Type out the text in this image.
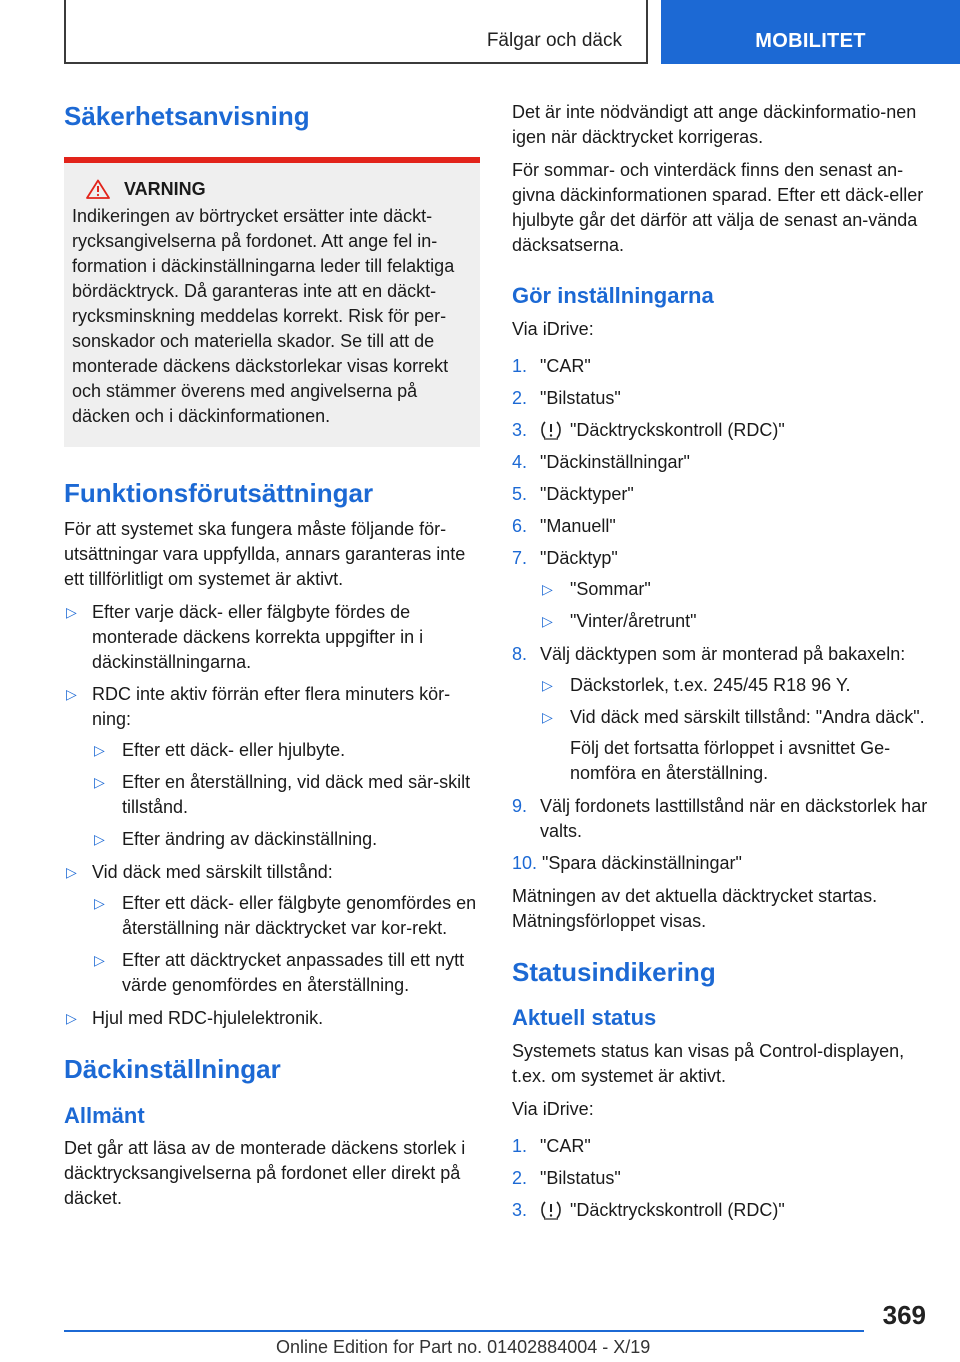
Fälgar och däck	MOBILITET
Säkerhetsanvisning
VARNING

Indikeringen av börtrycket ersätter inte däckt-rycksangivelserna på fordonet. Att ange fel in-formation i däckinställningarna leder till felaktiga bördäcktryck. Då garanteras inte att en däckt-rycksminskning meddelas korrekt. Risk för per-sonskador och materiella skador. Se till att de monterade däckens däckstorlekar visas korrekt och stämmer överens med angivelserna på däcken och i däckinformationen.

Funktionsförutsättningar

För att systemet ska fungera måste följande för-utsättningar vara uppfyllda, annars garanteras inte ett tillförlitligt om systemet är aktivt.

▷ Efter varje däck- eller fälgbyte fördes de monterade däckens korrekta uppgifter in i däckinställningarna.
▷ RDC inte aktiv förrän efter flera minuters kör-ning:
▷ Efter ett däck- eller hjulbyte.
▷ Efter en återställning, vid däck med sär-skilt tillstånd.
▷ Efter ändring av däckinställning.
▷ Vid däck med särskilt tillstånd:
▷ Efter ett däck- eller fälgbyte genomfördes en återställning när däcktrycket var kor-rekt.
▷ Efter att däcktrycket anpassades till ett nytt värde genomfördes en återställning.
▷ Hjul med RDC-hjulelektronik.
Däckinställningar
Allmänt

Det går att läsa av de monterade däckens storlek i däcktrycksangivelserna på fordonet eller direkt på däcket.

Det är inte nödvändigt att ange däckinformatio-nen igen när däcktrycket korrigeras.

För sommar- och vinterdäck finns den senast an-givna däckinformationen sparad. Efter ett däck-eller hjulbyte går det därför att välja de senast an-vända däcksatserna.

Gör inställningarna

Via iDrive:

1. "CAR"
2. "Bilstatus"
3. "Däcktryckskontroll (RDC)"
4. "Däckinställningar"
5. "Däcktyper"
6. "Manuell"
7. "Däcktyp"
▷ "Sommar"
▷ "Vinter/åretrunt"
8. Välj däcktypen som är monterad på bakaxeln:
▷ Däckstorlek, t.ex. 245/45 R18 96 Y.
▷ Vid däck med särskilt tillstånd: "Andra däck".
Följ det fortsatta förloppet i avsnittet Ge-nomföra en återställning.
9. Välj fordonets lasttillstånd när en däckstorlek har valts.
10. "Spara däckinställningar"

Mätningen av det aktuella däcktrycket startas. Mätningsförloppet visas.

Statusindikering
Aktuell status

Systemets status kan visas på Control-displayen, t.ex. om systemet är aktivt.

Via iDrive:

1. "CAR"
2. "Bilstatus"
3. "Däcktryckskontroll (RDC)"
369
Online Edition for Part no. 01402884004 - X/19
